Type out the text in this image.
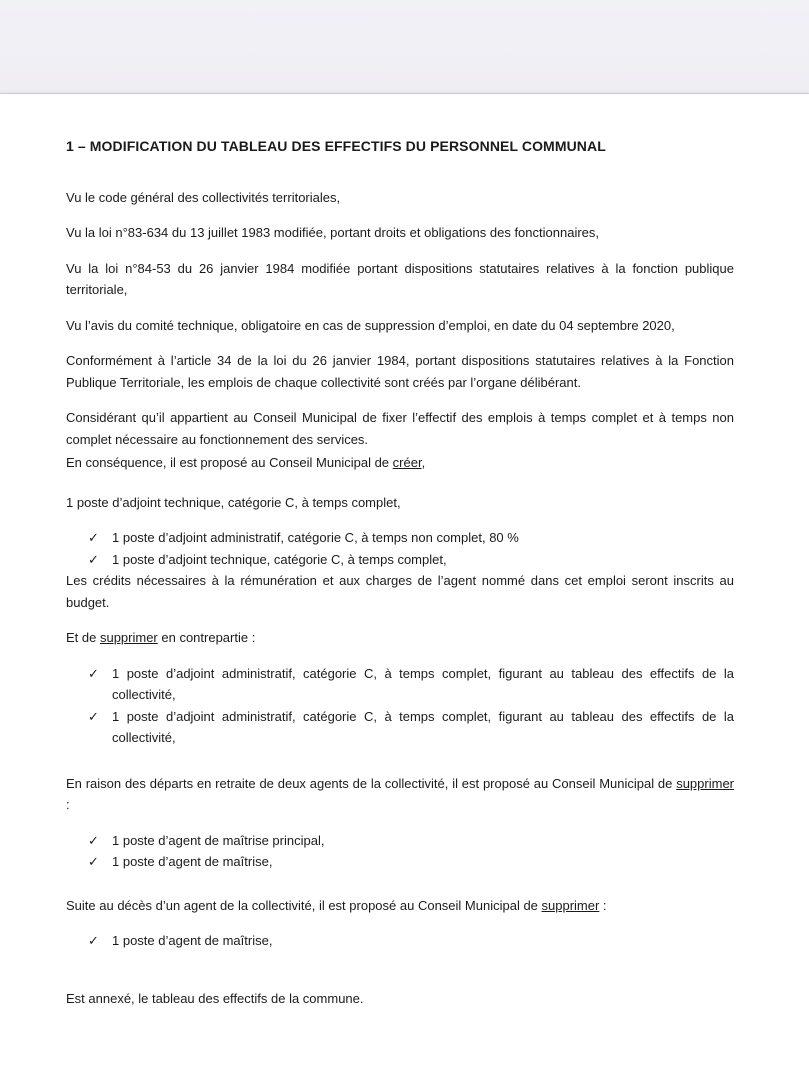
1 – MODIFICATION DU TABLEAU DES EFFECTIFS DU PERSONNEL COMMUNAL

Vu le code général des collectivités territoriales,

Vu la loi n°83-634 du 13 juillet 1983 modifiée, portant droits et obligations des fonctionnaires,

Vu la loi n°84-53 du 26 janvier 1984 modifiée portant dispositions statutaires relatives à la fonction publique territoriale,

Vu l’avis du comité technique, obligatoire en cas de suppression d’emploi, en date du 04 septembre 2020,

Conformément à l’article 34 de la loi du 26 janvier 1984, portant dispositions statutaires relatives à la Fonction Publique Territoriale, les emplois de chaque collectivité sont créés par l’organe délibérant.

Considérant qu’il appartient au Conseil Municipal de fixer l’effectif des emplois à temps complet et à temps non complet nécessaire au fonctionnement des services.

En conséquence, il est proposé au Conseil Municipal de créer,

1 poste d’adjoint technique, catégorie C, à temps complet,

✓	1 poste d’adjoint administratif, catégorie C, à temps non complet, 80 %
✓	1 poste d’adjoint technique, catégorie C, à temps complet,

Les crédits nécessaires à la rémunération et aux charges de l’agent nommé dans cet emploi seront inscrits au budget.

Et de supprimer en contrepartie :

✓	1 poste d’adjoint administratif, catégorie C, à temps complet, figurant au tableau des effectifs de la collectivité,
✓	1 poste d’adjoint administratif, catégorie C, à temps complet, figurant au tableau des effectifs de la collectivité,

En raison des départs en retraite de deux agents de la collectivité, il est proposé au Conseil Municipal de supprimer :

✓	1 poste d’agent de maîtrise principal,
✓	1 poste d’agent de maîtrise,

Suite au décès d’un agent de la collectivité, il est proposé au Conseil Municipal de supprimer :

✓	1 poste d’agent de maîtrise,

Est annexé, le tableau des effectifs de la commune.
